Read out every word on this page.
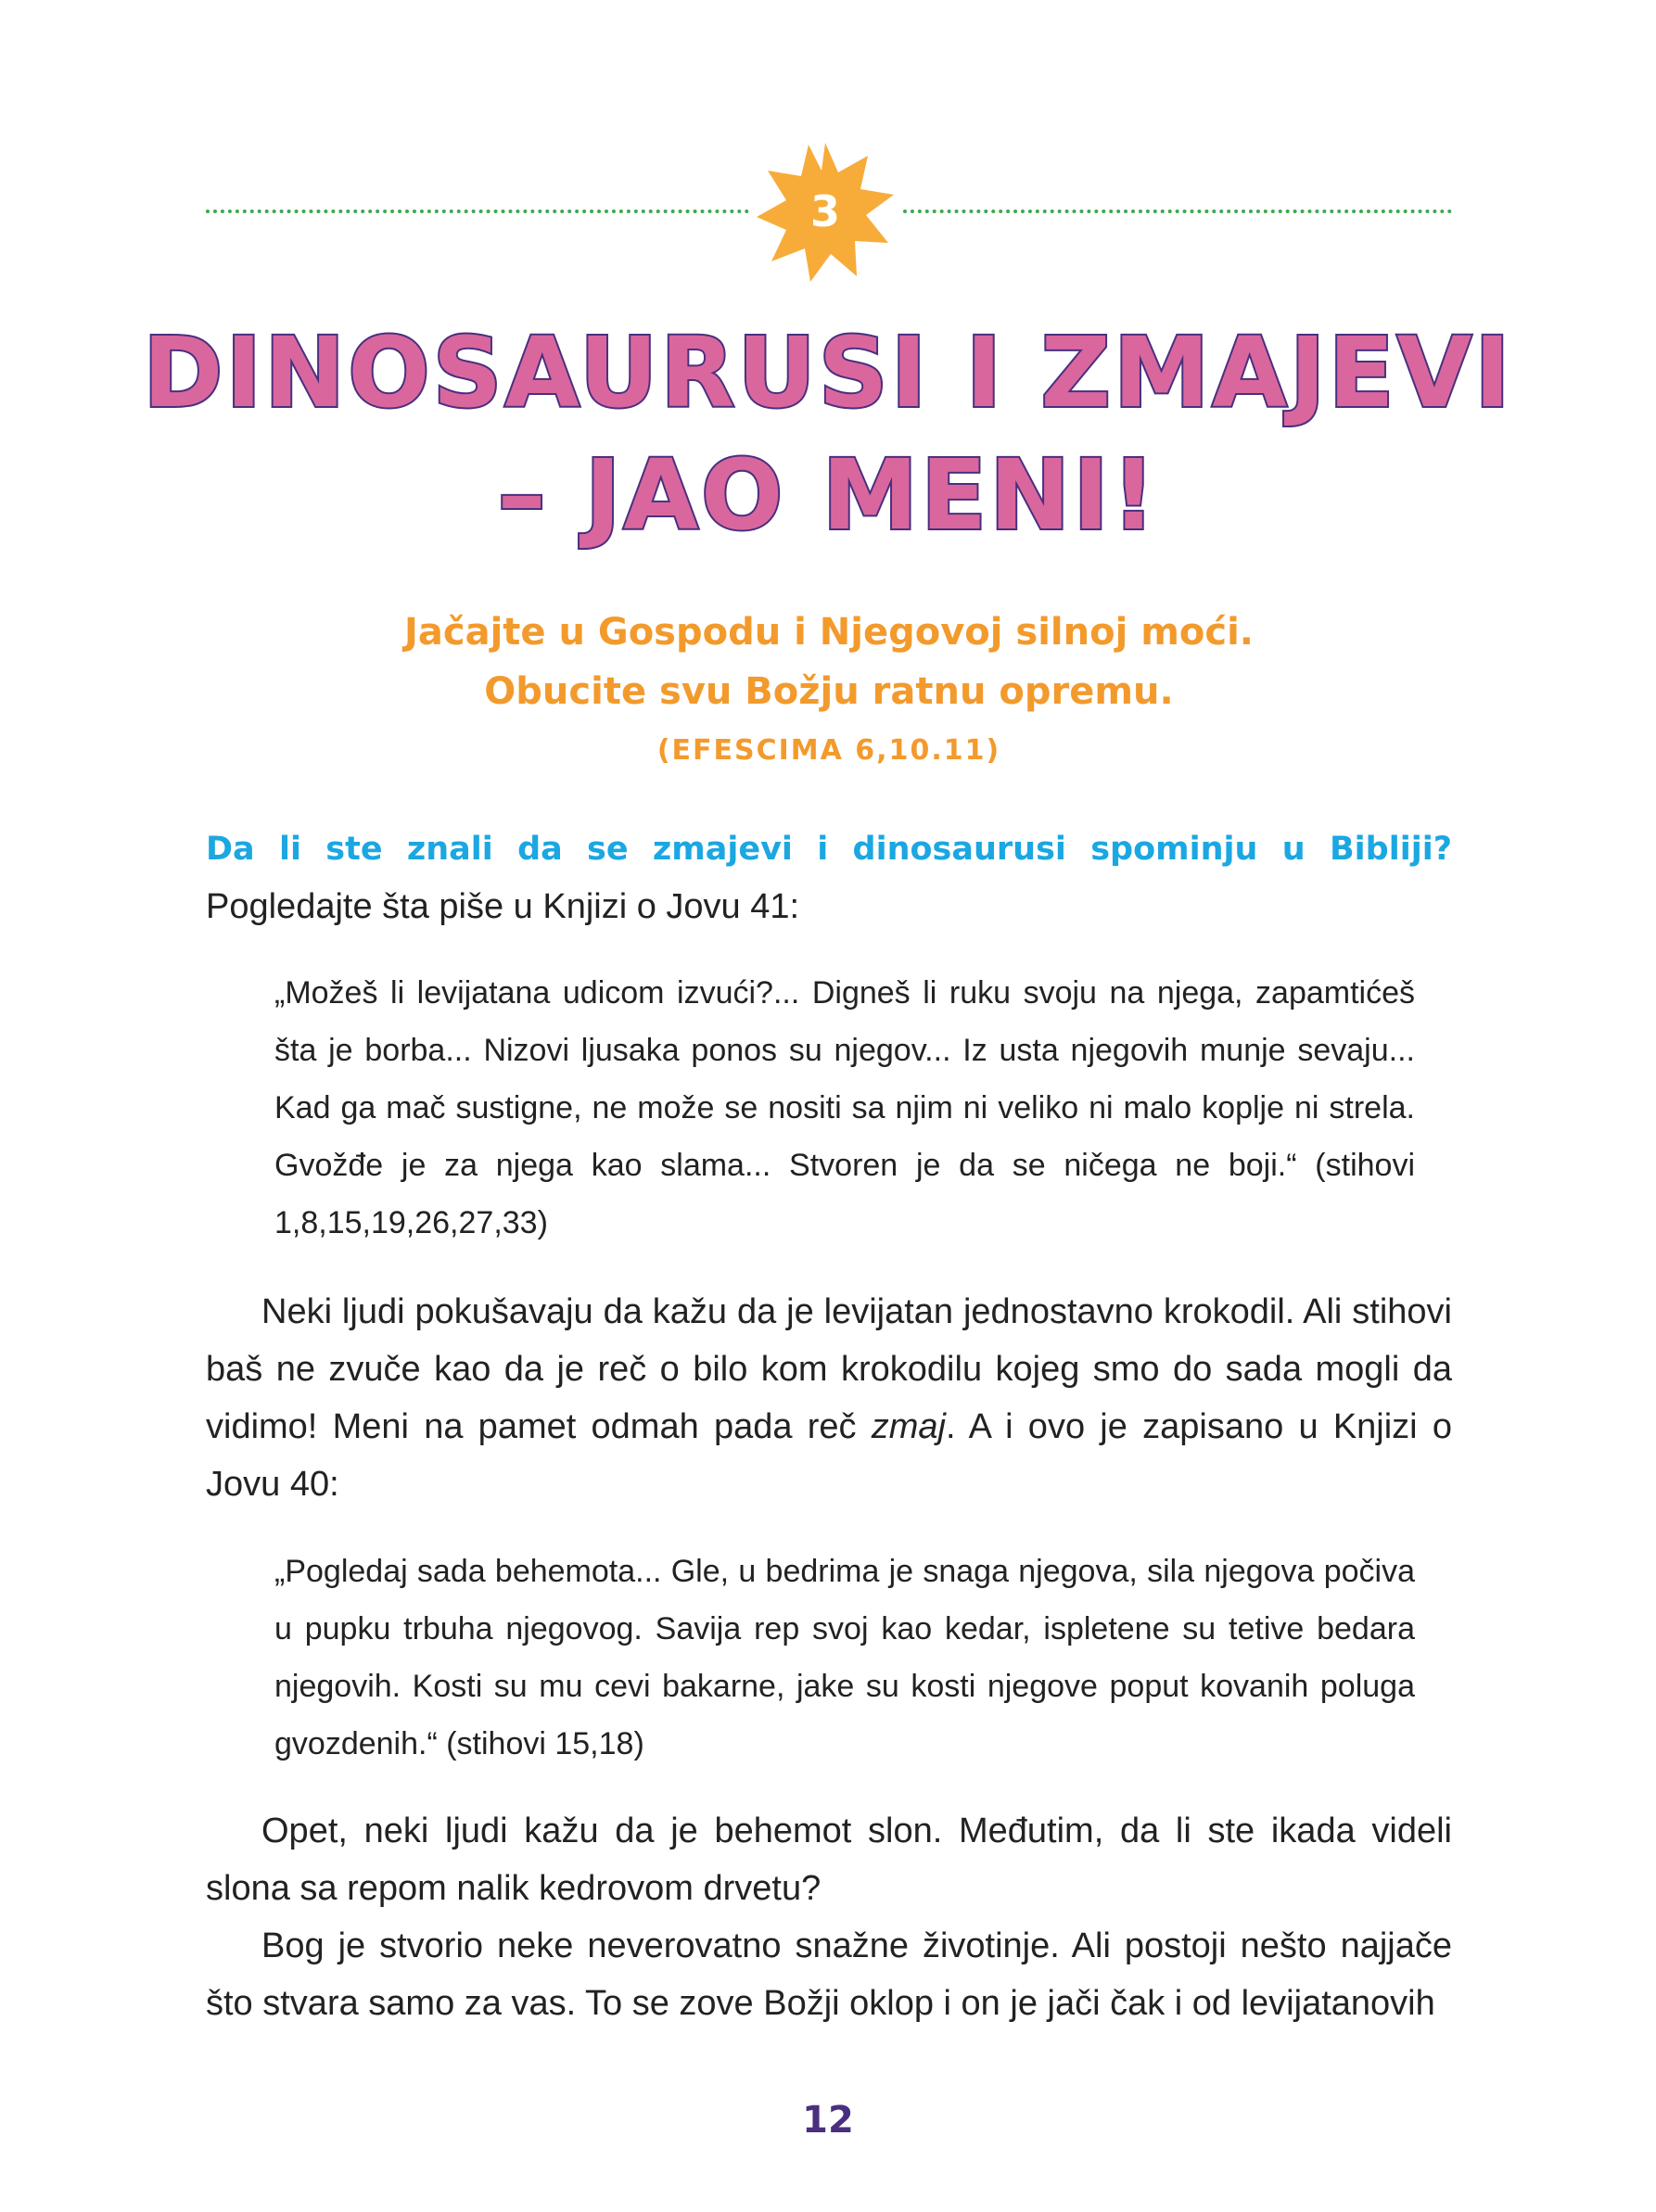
3
DINOSAURUSI I ZMAJEVI
– JAO MENI!
Jačajte u Gospodu i Njegovoj silnoj moći.
Obucite svu Božju ratnu opremu.
(EFESCIMA 6,10.11)

Da li ste znali da se zmajevi i dinosaurusi spominju u Bibliji? Pogledajte šta piše u Knjizi o Jovu 41:

„Možeš li levijatana udicom izvući?... Digneš li ruku svoju na njega, zapamtićeš šta je borba... Nizovi ljusaka ponos su njegov... Iz usta njegovih munje sevaju... Kad ga mač sustigne, ne može se nositi sa njim ni veliko ni malo koplje ni strela. Gvožđe je za njega kao slama... Stvoren je da se ničega ne boji.“ (stihovi 1,8,15,19,26,27,33)

Neki ljudi pokušavaju da kažu da je levijatan jednostavno krokodil. Ali stihovi baš ne zvuče kao da je reč o bilo kom krokodilu kojeg smo do sada mogli da vidimo! Meni na pamet odmah pada reč zmaj. A i ovo je zapisano u Knjizi o Jovu 40:

„Pogledaj sada behemota... Gle, u bedrima je snaga njegova, sila njegova počiva u pupku trbuha njegovog. Savija rep svoj kao kedar, ispletene su tetive bedara njegovih. Kosti su mu cevi bakarne, jake su kosti njegove poput kovanih poluga gvozdenih.“ (stihovi 15,18)

Opet, neki ljudi kažu da je behemot slon. Međutim, da li ste ikada videli slona sa repom nalik kedrovom drvetu?

Bog je stvorio neke neverovatno snažne životinje. Ali postoji nešto najjače što stvara samo za vas. To se zove Božji oklop i on je jači čak i od levijatanovih

12
